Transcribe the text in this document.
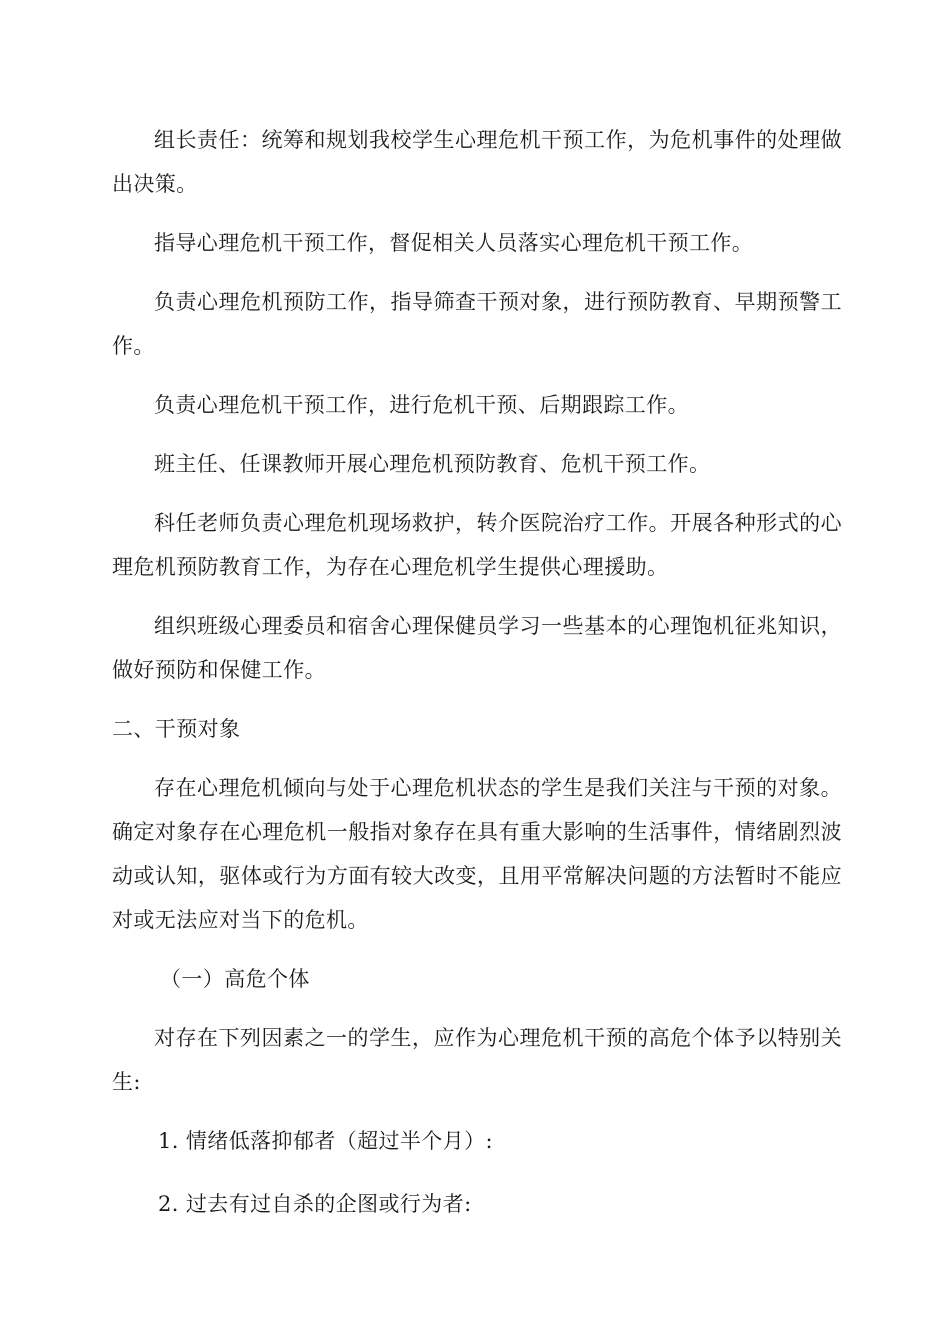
组长责任：统筹和规划我校学生心理危机干预工作，为危机事件的处理做出决策。

指导心理危机干预工作，督促相关人员落实心理危机干预工作。

负责心理危机预防工作，指导筛查干预对象，进行预防教育、早期预警工作。

负责心理危机干预工作，进行危机干预、后期跟踪工作。

班主任、任课教师开展心理危机预防教育、危机干预工作。

科任老师负责心理危机现场救护，转介医院治疗工作。开展各种形式的心理危机预防教育工作，为存在心理危机学生提供心理援助。

组织班级心理委员和宿舍心理保健员学习一些基本的心理饱机征兆知识，做好预防和保健工作。

二、干预对象

存在心理危机倾向与处于心理危机状态的学生是我们关注与干预的对象。确定对象存在心理危机一般指对象存在具有重大影响的生活事件，情绪剧烈波动或认知，驱体或行为方面有较大改变，且用平常解决问题的方法暂时不能应对或无法应对当下的危机。

（一）高危个体

对存在下列因素之一的学生，应作为心理危机干预的高危个体予以特别关生:

1. 情绪低落抑郁者（超过半个月）:

2. 过去有过自杀的企图或行为者:
